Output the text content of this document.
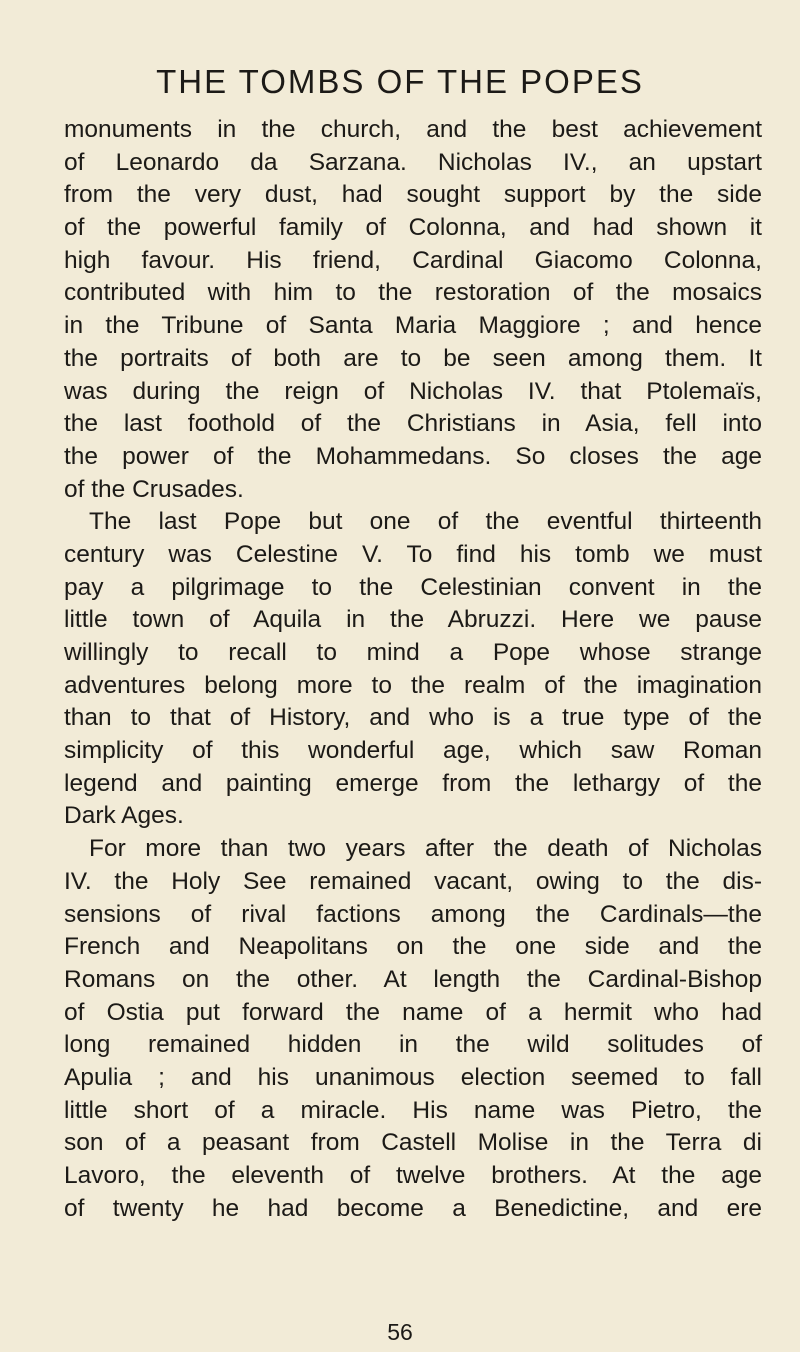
THE TOMBS OF THE POPES
monuments in the church, and the best achievement
of Leonardo da Sarzana. Nicholas IV., an upstart
from the very dust, had sought support by the side
of the powerful family of Colonna, and had shown it
high favour. His friend, Cardinal Giacomo Colonna,
contributed with him to the restoration of the mosaics
in the Tribune of Santa Maria Maggiore ; and hence
the portraits of both are to be seen among them. It
was during the reign of Nicholas IV. that Ptolemaïs,
the last foothold of the Christians in Asia, fell into
the power of the Mohammedans. So closes the age
of the Crusades.
The last Pope but one of the eventful thirteenth
century was Celestine V. To find his tomb we must
pay a pilgrimage to the Celestinian convent in the
little town of Aquila in the Abruzzi. Here we pause
willingly to recall to mind a Pope whose strange
adventures belong more to the realm of the imagination
than to that of History, and who is a true type of the
simplicity of this wonderful age, which saw Roman
legend and painting emerge from the lethargy of the
Dark Ages.
For more than two years after the death of Nicholas
IV. the Holy See remained vacant, owing to the dis-
sensions of rival factions among the Cardinals—the
French and Neapolitans on the one side and the
Romans on the other. At length the Cardinal-Bishop
of Ostia put forward the name of a hermit who had
long remained hidden in the wild solitudes of
Apulia ; and his unanimous election seemed to fall
little short of a miracle. His name was Pietro, the
son of a peasant from Castell Molise in the Terra di
Lavoro, the eleventh of twelve brothers. At the age
of twenty he had become a Benedictine, and ere
56
